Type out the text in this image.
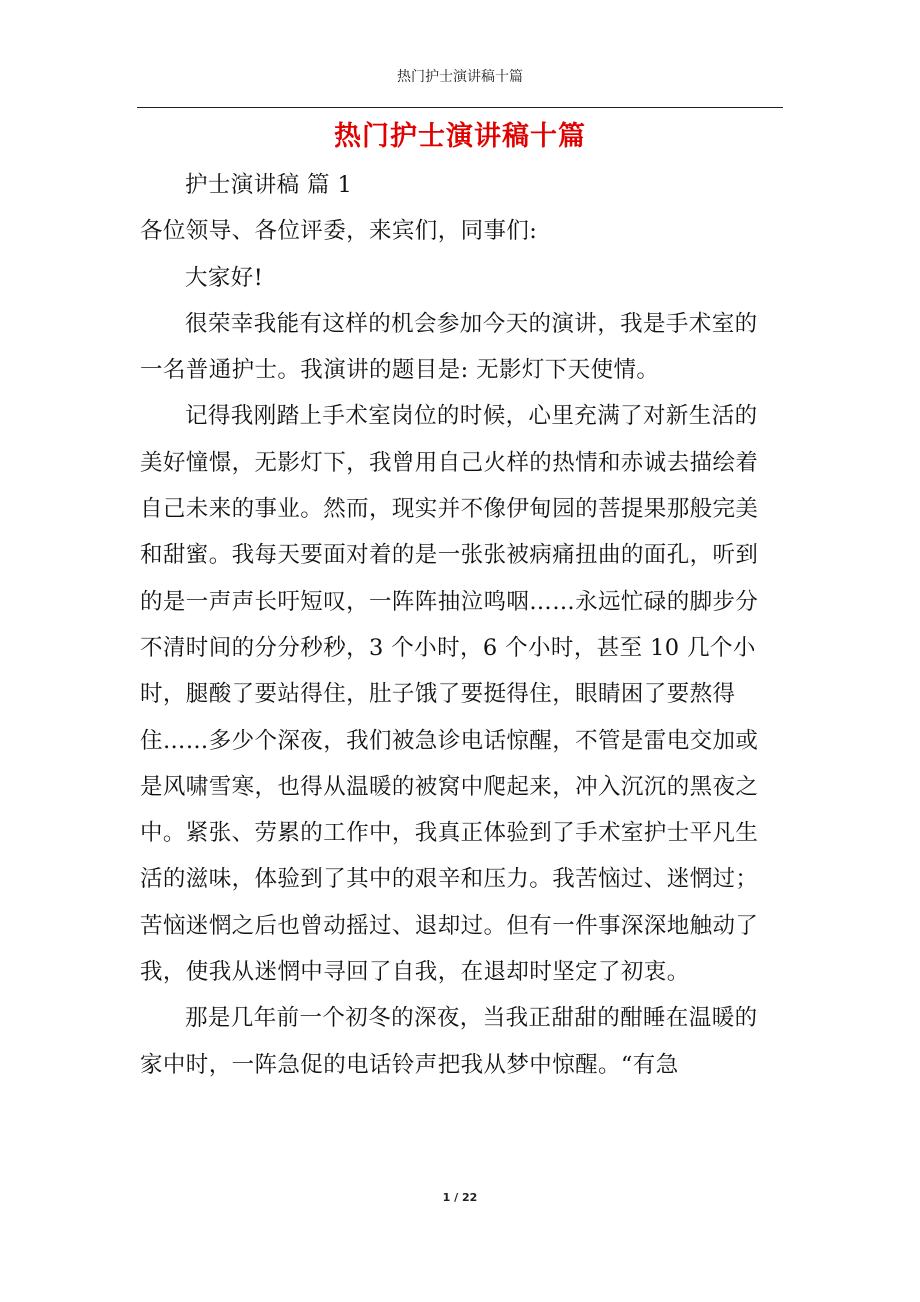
热门护士演讲稿十篇
热门护士演讲稿十篇

护士演讲稿 篇 1

各位领导、各位评委，来宾们，同事们:

大家好!

很荣幸我能有这样的机会参加今天的演讲，我是手术室的一名普通护士。我演讲的题目是: 无影灯下天使情。

记得我刚踏上手术室岗位的时候，心里充满了对新生活的美好憧憬，无影灯下，我曾用自己火样的热情和赤诚去描绘着自己未来的事业。然而，现实并不像伊甸园的菩提果那般完美和甜蜜。我每天要面对着的是一张张被病痛扭曲的面孔，听到的是一声声长吁短叹，一阵阵抽泣鸣咽……永远忙碌的脚步分不清时间的分分秒秒，3 个小时，6 个小时，甚至 10 几个小时，腿酸了要站得住，肚子饿了要挺得住，眼睛困了要熬得住……多少个深夜，我们被急诊电话惊醒，不管是雷电交加或是风啸雪寒，也得从温暖的被窝中爬起来，冲入沉沉的黑夜之中。紧张、劳累的工作中，我真正体验到了手术室护士平凡生活的滋味，体验到了其中的艰辛和压力。我苦恼过、迷惘过；苦恼迷惘之后也曾动摇过、退却过。但有一件事深深地触动了我，使我从迷惘中寻回了自我，在退却时坚定了初衷。

那是几年前一个初冬的深夜，当我正甜甜的酣睡在温暖的家中时，一阵急促的电话铃声把我从梦中惊醒。“有急

1 / 22
